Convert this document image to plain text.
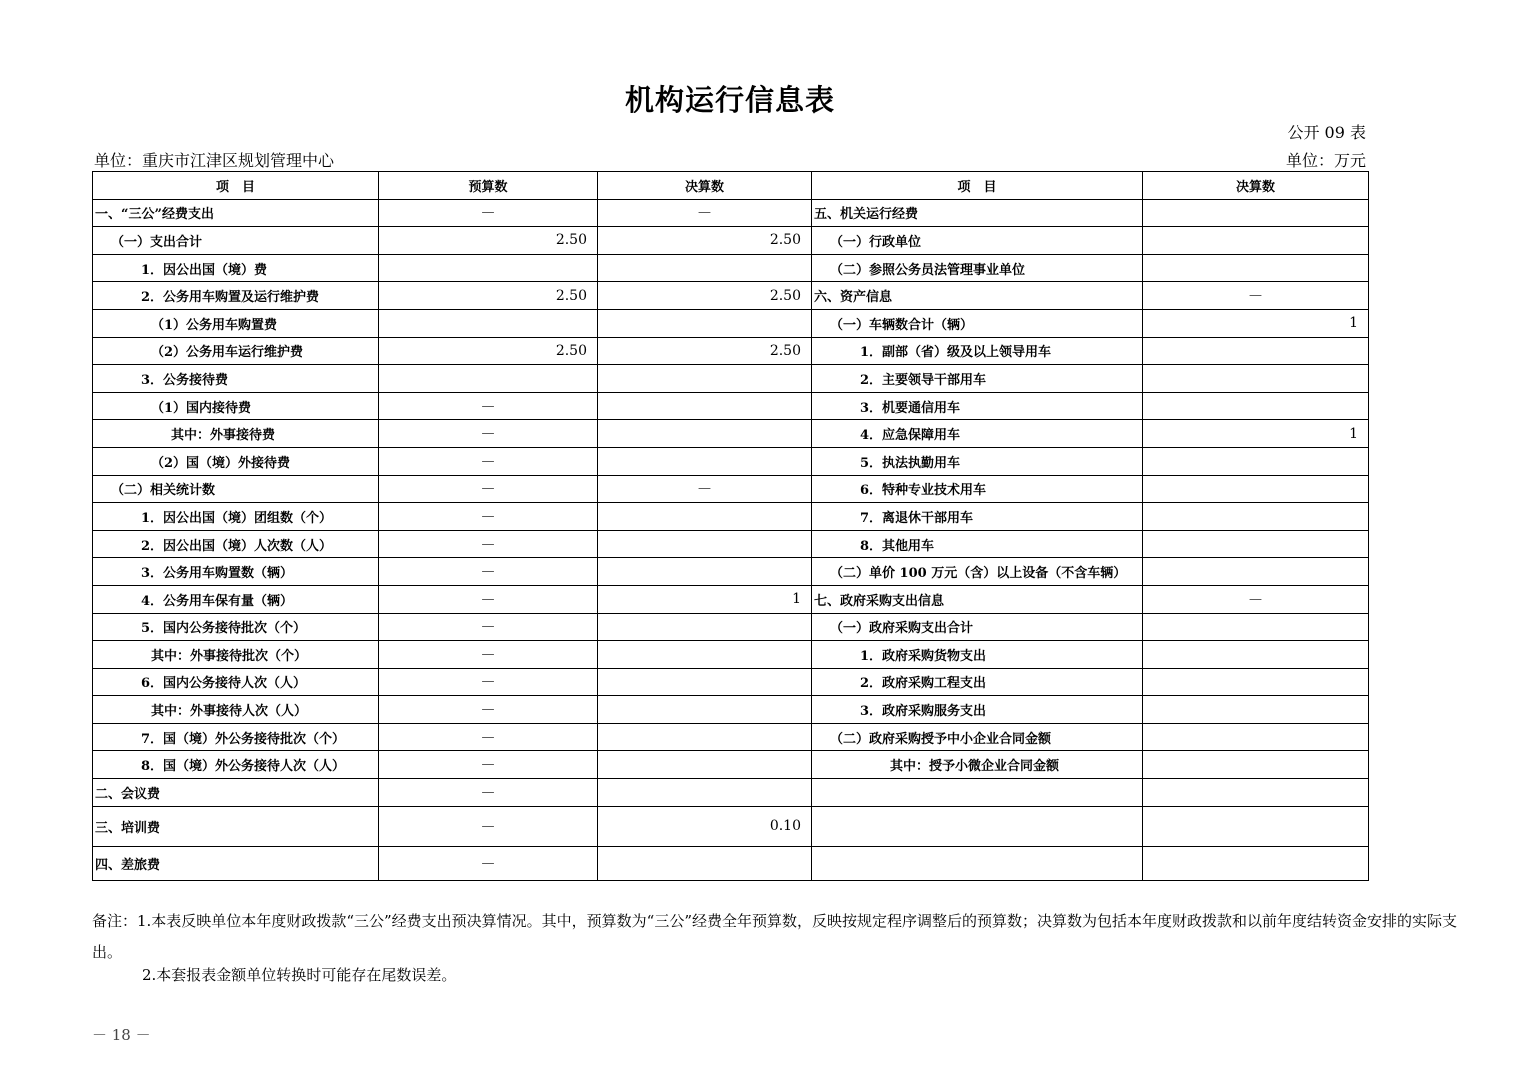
机构运行信息表
公开 09 表
单位：重庆市江津区规划管理中心	单位：万元
项　目	预算数	决算数	项　目	决算数
一、“三公”经费支出	—	—	五、机关运行经费	
（一）支出合计	2.50	2.50	（一）行政单位	
1．因公出国（境）费			（二）参照公务员法管理事业单位	
2．公务用车购置及运行维护费	2.50	2.50	六、资产信息	—
（1）公务用车购置费			（一）车辆数合计（辆）	1
（2）公务用车运行维护费	2.50	2.50	1．副部（省）级及以上领导用车	
3．公务接待费			2．主要领导干部用车	
（1）国内接待费	—		3．机要通信用车	
其中：外事接待费	—		4．应急保障用车	1
（2）国（境）外接待费	—		5．执法执勤用车	
（二）相关统计数	—	—	6．特种专业技术用车	
1．因公出国（境）团组数（个）	—		7．离退休干部用车	
2．因公出国（境）人次数（人）	—		8．其他用车	
3．公务用车购置数（辆）	—		（二）单价 100 万元（含）以上设备（不含车辆）	
4．公务用车保有量（辆）	—	1	七、政府采购支出信息	—
5．国内公务接待批次（个）	—		（一）政府采购支出合计	
其中：外事接待批次（个）	—		1．政府采购货物支出	
6．国内公务接待人次（人）	—		2．政府采购工程支出	
其中：外事接待人次（人）	—		3．政府采购服务支出	
7．国（境）外公务接待批次（个）	—		（二）政府采购授予中小企业合同金额	
8．国（境）外公务接待人次（人）	—		其中：授予小微企业合同金额	
二、会议费	—			
三、培训费	—	0.10		
四、差旅费	—			
备注：1.本表反映单位本年度财政拨款“三公”经费支出预决算情况。其中，预算数为“三公”经费全年预算数，反映按规定程序调整后的预算数；决算数为包括本年度财政拨款和以前年度结转资金安排的实际支出。
2.本套报表金额单位转换时可能存在尾数误差。
－ 18 －
